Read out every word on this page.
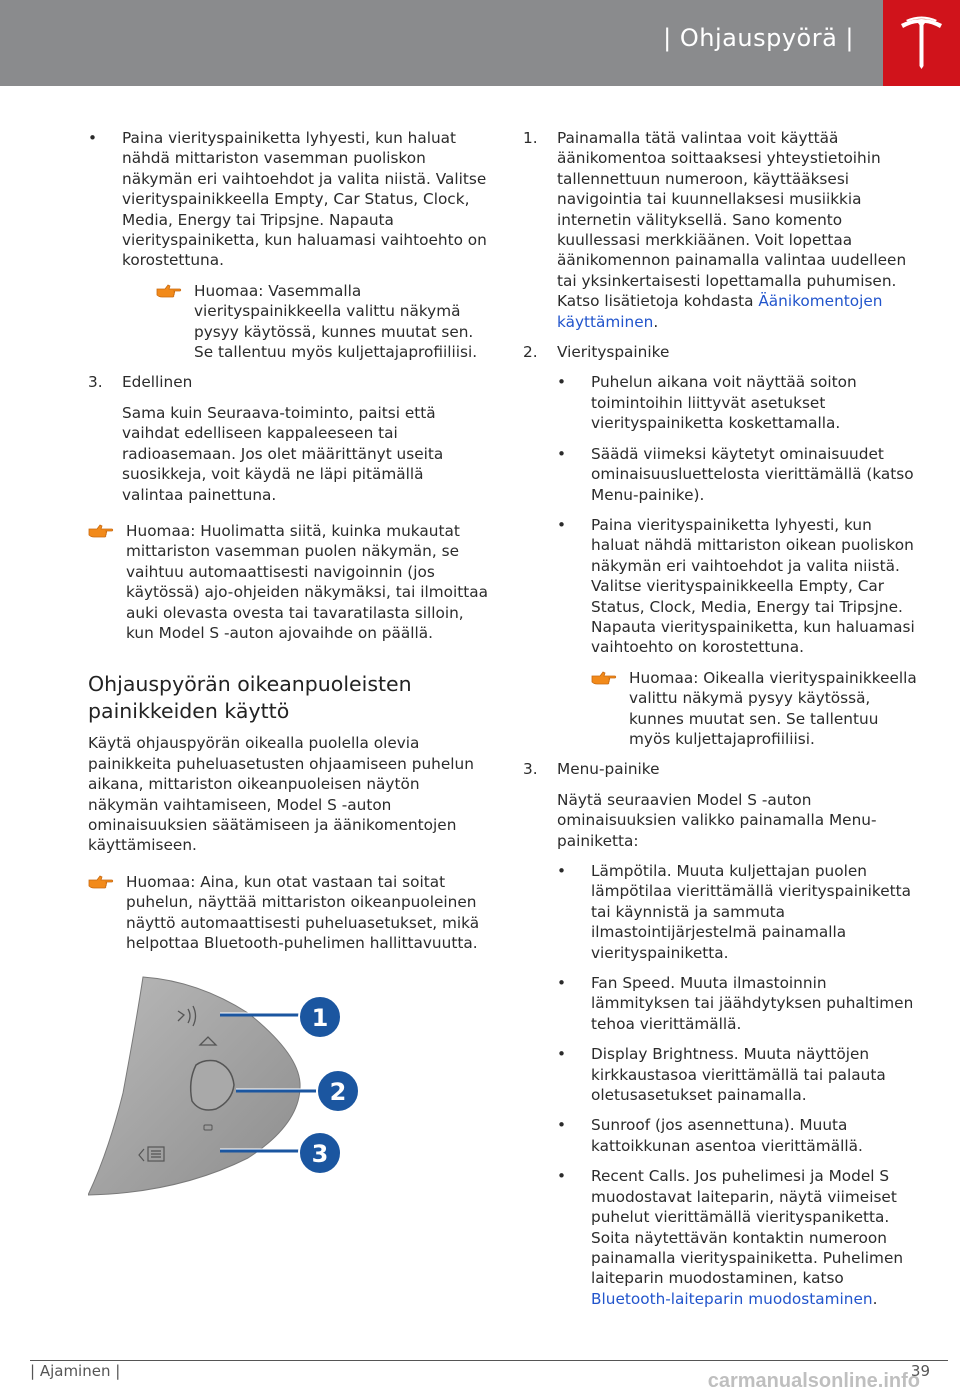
| Ohjauspyörä |
• Paina vierityspainiketta lyhyesti, kun haluat nähdä mittariston vasemman puoliskon näkymän eri vaihtoehdot ja valita niistä. Valitse vierityspainikkeella Empty, Car Status, Clock, Media, Energy tai Tripsjne. Napauta vierityspainiketta, kun haluamasi vaihtoehto on korostettuna.
Huomaa: Vasemmalla vierityspainikkeella valittu näkymä pysyy käytössä, kunnes muutat sen. Se tallentuu myös kuljettajaprofiiliisi.
3. Edellinen
Sama kuin Seuraava-toiminto, paitsi että vaihdat edelliseen kappaleeseen tai radioasemaan. Jos olet määrittänyt useita suosikkeja, voit käydä ne läpi pitämällä valintaa painettuna.
Huomaa: Huolimatta siitä, kuinka mukautat mittariston vasemman puolen näkymän, se vaihtuu automaattisesti navigoinnin (jos käytössä) ajo-ohjeiden näkymäksi, tai ilmoittaa auki olevasta ovesta tai tavaratilasta silloin, kun Model S -auton ajovaihde on päällä.
Ohjauspyörän oikeanpuoleisten painikkeiden käyttö
Käytä ohjauspyörän oikealla puolella olevia painikkeita puheluasetusten ohjaamiseen puhelun aikana, mittariston oikeanpuoleisen näytön näkymän vaihtamiseen, Model S -auton ominaisuuksien säätämiseen ja äänikomentojen käyttämiseen.
Huomaa: Aina, kun otat vastaan tai soitat puhelun, näyttää mittariston oikeanpuoleinen näyttö automaattisesti puheluasetukset, mikä helpottaa Bluetooth-puhelimen hallittavuutta.
1
2
3
1. Painamalla tätä valintaa voit käyttää äänikomentoa soittaaksesi yhteystietoihin tallennettuun numeroon, käyttääksesi navigointia tai kuunnellaksesi musiikkia internetin välityksellä. Sano komento kuullessasi merkkiäänen. Voit lopettaa äänikomennon painamalla valintaa uudelleen tai yksinkertaisesti lopettamalla puhumisen. Katso lisätietoja kohdasta Äänikomentojen käyttäminen.
2. Vierityspainike
• Puhelun aikana voit näyttää soiton toimintoihin liittyvät asetukset vierityspainiketta koskettamalla.
• Säädä viimeksi käytetyt ominaisuudet ominaisuusluettelosta vierittämällä (katso Menu-painike).
• Paina vierityspainiketta lyhyesti, kun haluat nähdä mittariston oikean puoliskon näkymän eri vaihtoehdot ja valita niistä. Valitse vierityspainikkeella Empty, Car Status, Clock, Media, Energy tai Tripsjne. Napauta vierityspainiketta, kun haluamasi vaihtoehto on korostettuna.
Huomaa: Oikealla vierityspainikkeella valittu näkymä pysyy käytössä, kunnes muutat sen. Se tallentuu myös kuljettajaprofiiliisi.
3. Menu-painike
Näytä seuraavien Model S -auton ominaisuuksien valikko painamalla Menu-painiketta:
• Lämpötila. Muuta kuljettajan puolen lämpötilaa vierittämällä vierityspainiketta tai käynnistä ja sammuta ilmastointijärjestelmä painamalla vierityspainiketta.
• Fan Speed. Muuta ilmastoinnin lämmityksen tai jäähdytyksen puhaltimen tehoa vierittämällä.
• Display Brightness. Muuta näyttöjen kirkkaustasoa vierittämällä tai palauta oletusasetukset painamalla.
• Sunroof (jos asennettuna). Muuta kattoikkunan asentoa vierittämällä.
• Recent Calls. Jos puhelimesi ja Model S muodostavat laiteparin, näytä viimeiset puhelut vierittämällä vierityspaniketta. Soita näytettävän kontaktin numeroon painamalla vierityspainiketta. Puhelimen laiteparin muodostaminen, katso Bluetooth-laiteparin muodostaminen.
| Ajaminen |	39
carmanualsonline.info
